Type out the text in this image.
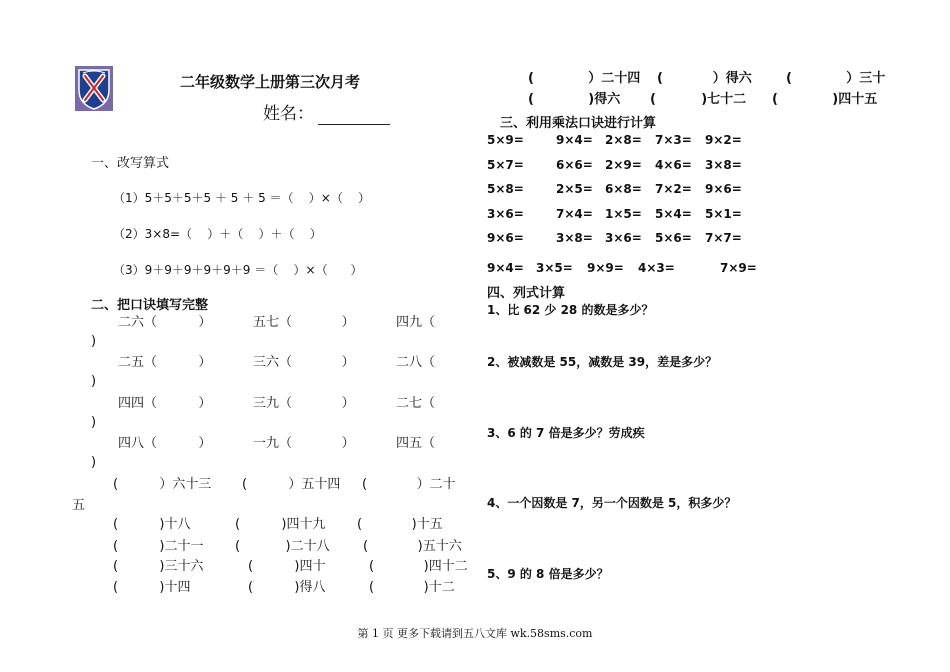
二年级数学上册第三次月考
姓名：
一、改写算式
（1）5＋5＋5＋5 ＋ 5 ＋ 5 ＝（    ）×（    ）
（2）3×8=（    ）＋（    ）＋（    ）
（3）9＋9＋9＋9＋9＋9 ＝（    ）×（      ）
二、把口诀填写完整
二六（          ）	五七（            ）	四九（
)
二五（          ）	三六（            ）	二八（
)
四四（          ）	三九（            ）	二七（
)
四八（          ）	一九（            ）	四五（
)
(          ）六十三 (          ）五十四 (            ）二十
五
(          )十八	(          )四十九 (            )十五
(          )二十一 (           )二十八	(            )五十六
(          )三十六	(          )四十	(            )四十二
(          )十四	(          )得八	(            )十二
(            ）二十四 (           ）得六	(            ）三十
(            )得六 (          )七十二 (            )四十五
三、利用乘法口诀进行计算
5×9=	9×4= 2×8= 7×3= 9×2=
5×7=	6×6= 2×9= 4×6= 3×8=
5×8=	2×5= 6×8= 7×2= 9×6=
3×6=	7×4= 1×5= 5×4= 5×1=
9×6=	3×8= 3×6= 5×6= 7×7=
9×4= 3×5= 9×9= 4×3=	7×9=
四、列式计算
1、比 62 少 28 的数是多少？
2、被减数是 55，减数是 39，差是多少？
3、6 的 7 倍是多少？劳成疾
4、一个因数是 7，另一个因数是 5，积多少？
5、9 的 8 倍是多少？
第 1 页 更多下载请到五八文库 wk.58sms.com
